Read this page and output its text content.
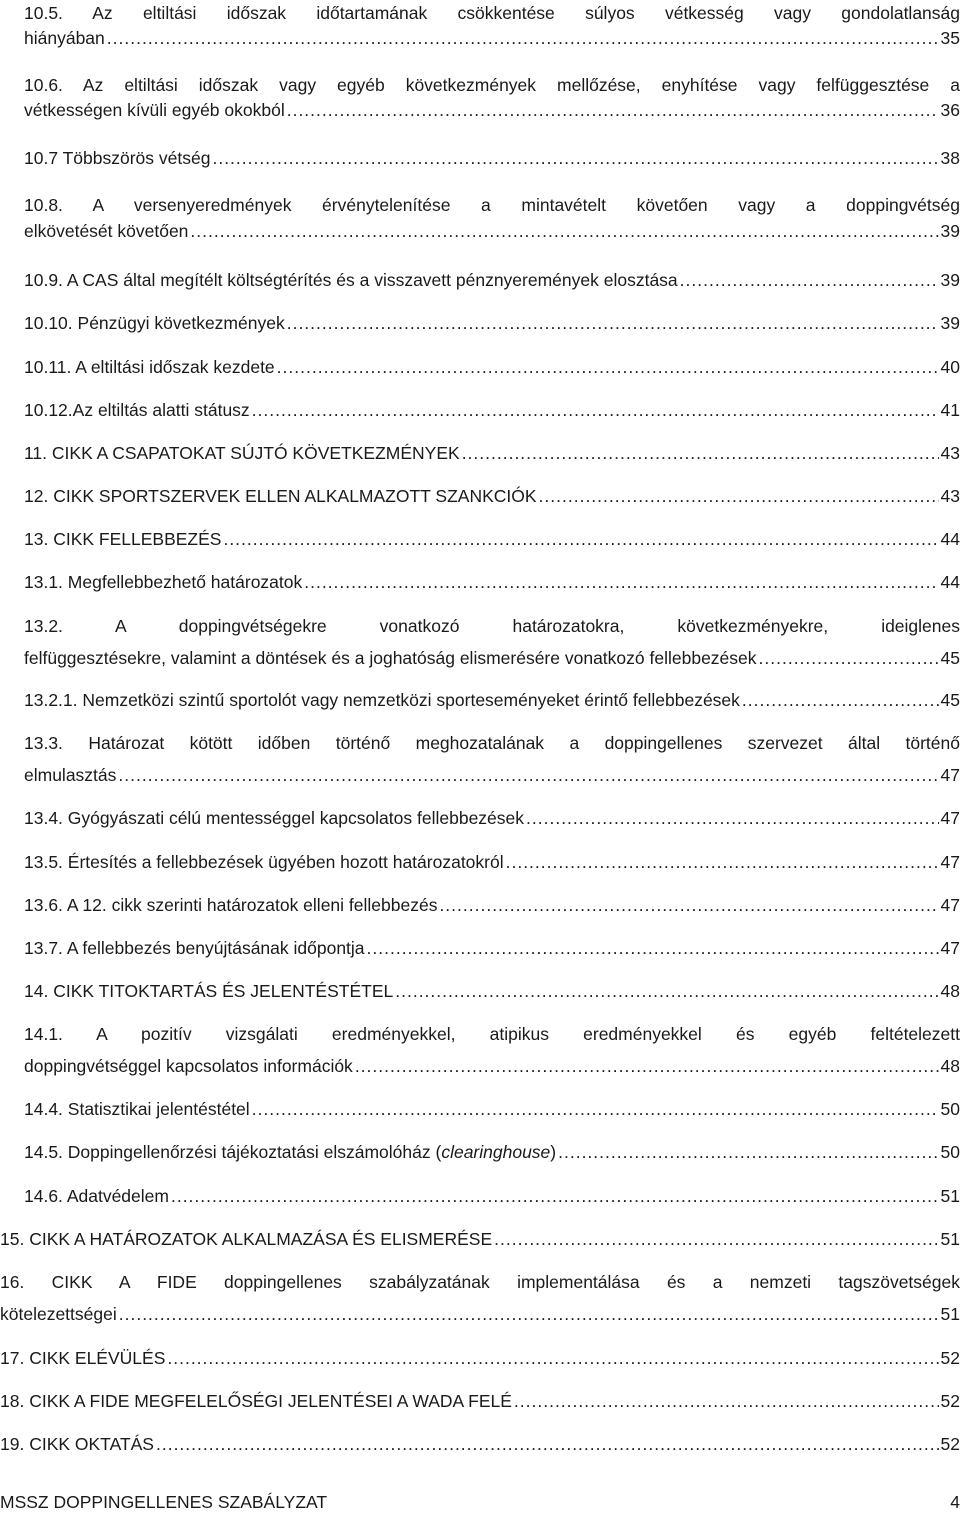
10.5. Az eltiltási időszak időtartamának csökkentése súlyos vétkesség vagy gondolatlanság
hiányában .....	35
10.6. Az eltiltási időszak vagy egyéb következmények mellőzése, enyhítése vagy felfüggesztése a
vétkességen kívüli egyéb okokból .....	36
10.7 Többszörös vétség .....	38
10.8. A versenyeredmények érvénytelenítése a mintavételt követően vagy a doppingvétség
elkövetését követően .....	39
10.9. A CAS által megítélt költségtérítés és a visszavett pénznyeremények elosztása .....	39
10.10. Pénzügyi következmények .....	39
10.11. A eltiltási időszak kezdete .....	40
10.12.Az eltiltás alatti státusz .....	41
11. CIKK A CSAPATOKAT SÚJTÓ KÖVETKEZMÉNYEK .....	43
12. CIKK SPORTSZERVEK ELLEN ALKALMAZOTT SZANKCIÓK .....	43
13. CIKK FELLEBBEZÉS .....	44
13.1. Megfellebbezhető határozatok .....	44
13.2. A doppingvétségekre vonatkozó határozatokra, következményekre, ideiglenes
felfüggesztésekre, valamint a döntések és a joghatóság elismerésére vonatkozó fellebbezések .....	45
13.2.1. Nemzetközi szintű sportolót vagy nemzetközi sporteseményeket érintő fellebbezések .....	45
13.3. Határozat kötött időben történő meghozatalának a doppingellenes szervezet által történő
elmulasztás .....	47
13.4. Gyógyászati célú mentességgel kapcsolatos fellebbezések .....	47
13.5. Értesítés a fellebbezések ügyében hozott határozatokról .....	47
13.6. A 12. cikk szerinti határozatok elleni fellebbezés .....	47
13.7. A fellebbezés benyújtásának időpontja .....	47
14. CIKK TITOKTARTÁS ÉS JELENTÉSTÉTEL .....	48
14.1. A pozitív vizsgálati eredményekkel, atipikus eredményekkel és egyéb feltételezett
doppingvétséggel kapcsolatos információk .....	48
14.4. Statisztikai jelentéstétel .....	50
14.5. Doppingellenőrzési tájékoztatási elszámolóház (clearinghouse) .....	50
14.6. Adatvédelem .....	51
15. CIKK A HATÁROZATOK ALKALMAZÁSA ÉS ELISMERÉSE .....	51
16. CIKK A FIDE doppingellenes szabályzatának implementálása és a nemzeti tagszövetségek
kötelezettségei .....	51
17. CIKK ELÉVÜLÉS .....	52
18. CIKK A FIDE MEGFELELŐSÉGI JELENTÉSEI A WADA FELÉ .....	52
19. CIKK OKTATÁS .....	52
MSSZ DOPPINGELLENES SZABÁLYZAT	4
